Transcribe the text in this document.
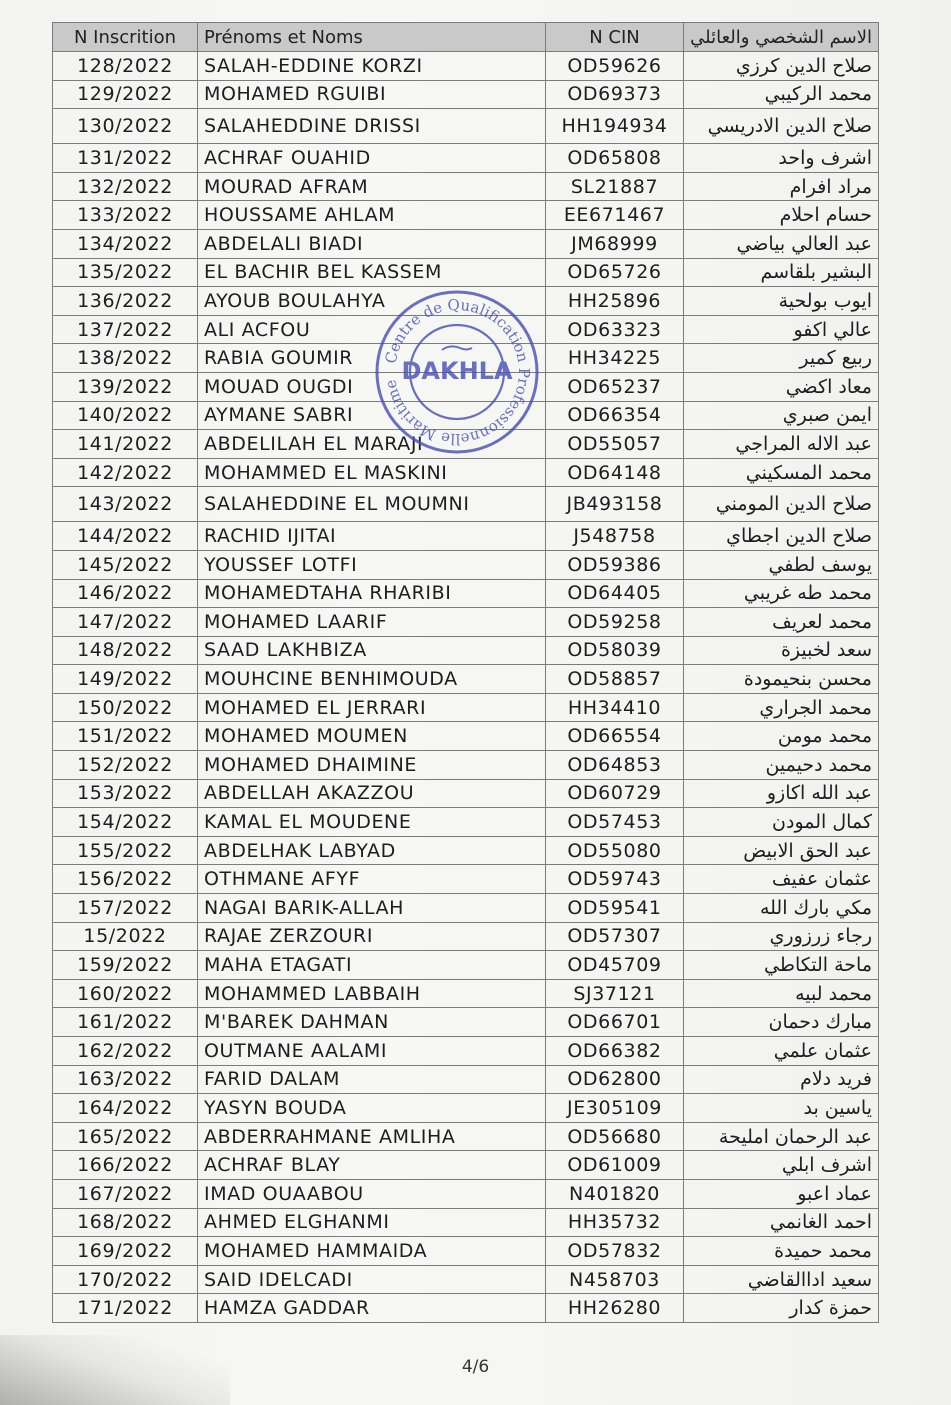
N Inscrition	Prénoms et Noms	N CIN	الاسم الشخصي والعائلي
128/2022	SALAH-EDDINE KORZI	OD59626	صلاح الدين كرزي
129/2022	MOHAMED RGUIBI	OD69373	محمد الركيبي
130/2022	SALAHEDDINE DRISSI	HH194934	صلاح الدين الادريسي
131/2022	ACHRAF OUAHID	OD65808	اشرف واحد
132/2022	MOURAD AFRAM	SL21887	مراد افرام
133/2022	HOUSSAME AHLAM	EE671467	حسام احلام
134/2022	ABDELALI BIADI	JM68999	عبد العالي بياضي
135/2022	EL BACHIR BEL KASSEM	OD65726	البشير بلقاسم
136/2022	AYOUB BOULAHYA	HH25896	ايوب بولحية
137/2022	ALI ACFOU	OD63323	عالي اكفو
138/2022	RABIA GOUMIR	HH34225	ربيع كمير
139/2022	MOUAD OUGDI	OD65237	معاد اكضي
140/2022	AYMANE SABRI	OD66354	ايمن صبري
141/2022	ABDELILAH EL MARAJI	OD55057	عبد الاله المراجي
142/2022	MOHAMMED EL MASKINI	OD64148	محمد المسكيني
143/2022	SALAHEDDINE EL MOUMNI	JB493158	صلاح الدين المومني
144/2022	RACHID IJITAI	J548758	صلاح الدين اجطاي
145/2022	YOUSSEF LOTFI	OD59386	يوسف لطفي
146/2022	MOHAMEDTAHA RHARIBI	OD64405	محمد طه غريبي
147/2022	MOHAMED LAARIF	OD59258	محمد لعريف
148/2022	SAAD LAKHBIZA	OD58039	سعد لخبيزة
149/2022	MOUHCINE BENHIMOUDA	OD58857	محسن بنحيمودة
150/2022	MOHAMED EL JERRARI	HH34410	محمد الجراري
151/2022	MOHAMED MOUMEN	OD66554	محمد مومن
152/2022	MOHAMED DHAIMINE	OD64853	محمد دحيمين
153/2022	ABDELLAH AKAZZOU	OD60729	عبد الله اكازو
154/2022	KAMAL EL MOUDENE	OD57453	كمال المودن
155/2022	ABDELHAK LABYAD	OD55080	عبد الحق الابيض
156/2022	OTHMANE AFYF	OD59743	عثمان عفيف
157/2022	NAGAI BARIK-ALLAH	OD59541	مكي بارك الله
15/2022	RAJAE ZERZOURI	OD57307	رجاء زرزوري
159/2022	MAHA ETAGATI	OD45709	ماحة التكاطي
160/2022	MOHAMMED LABBAIH	SJ37121	محمد لبيه
161/2022	M'BAREK DAHMAN	OD66701	مبارك دحمان
162/2022	OUTMANE AALAMI	OD66382	عثمان علمي
163/2022	FARID DALAM	OD62800	فريد دلام
164/2022	YASYN BOUDA	JE305109	ياسين بد
165/2022	ABDERRAHMANE AMLIHA	OD56680	عبد الرحمان امليحة
166/2022	ACHRAF BLAY	OD61009	اشرف ابلي
167/2022	IMAD OUAABOU	N401820	عماد اعبو
168/2022	AHMED ELGHANMI	HH35732	احمد الغانمي
169/2022	MOHAMED HAMMAIDA	OD57832	محمد حميدة
170/2022	SAID IDELCADI	N458703	سعيد اداالقاضي
171/2022	HAMZA GADDAR	HH26280	حمزة كدار
Centre de Qualification Professionnelle Maritime DAKHLA
4/6
